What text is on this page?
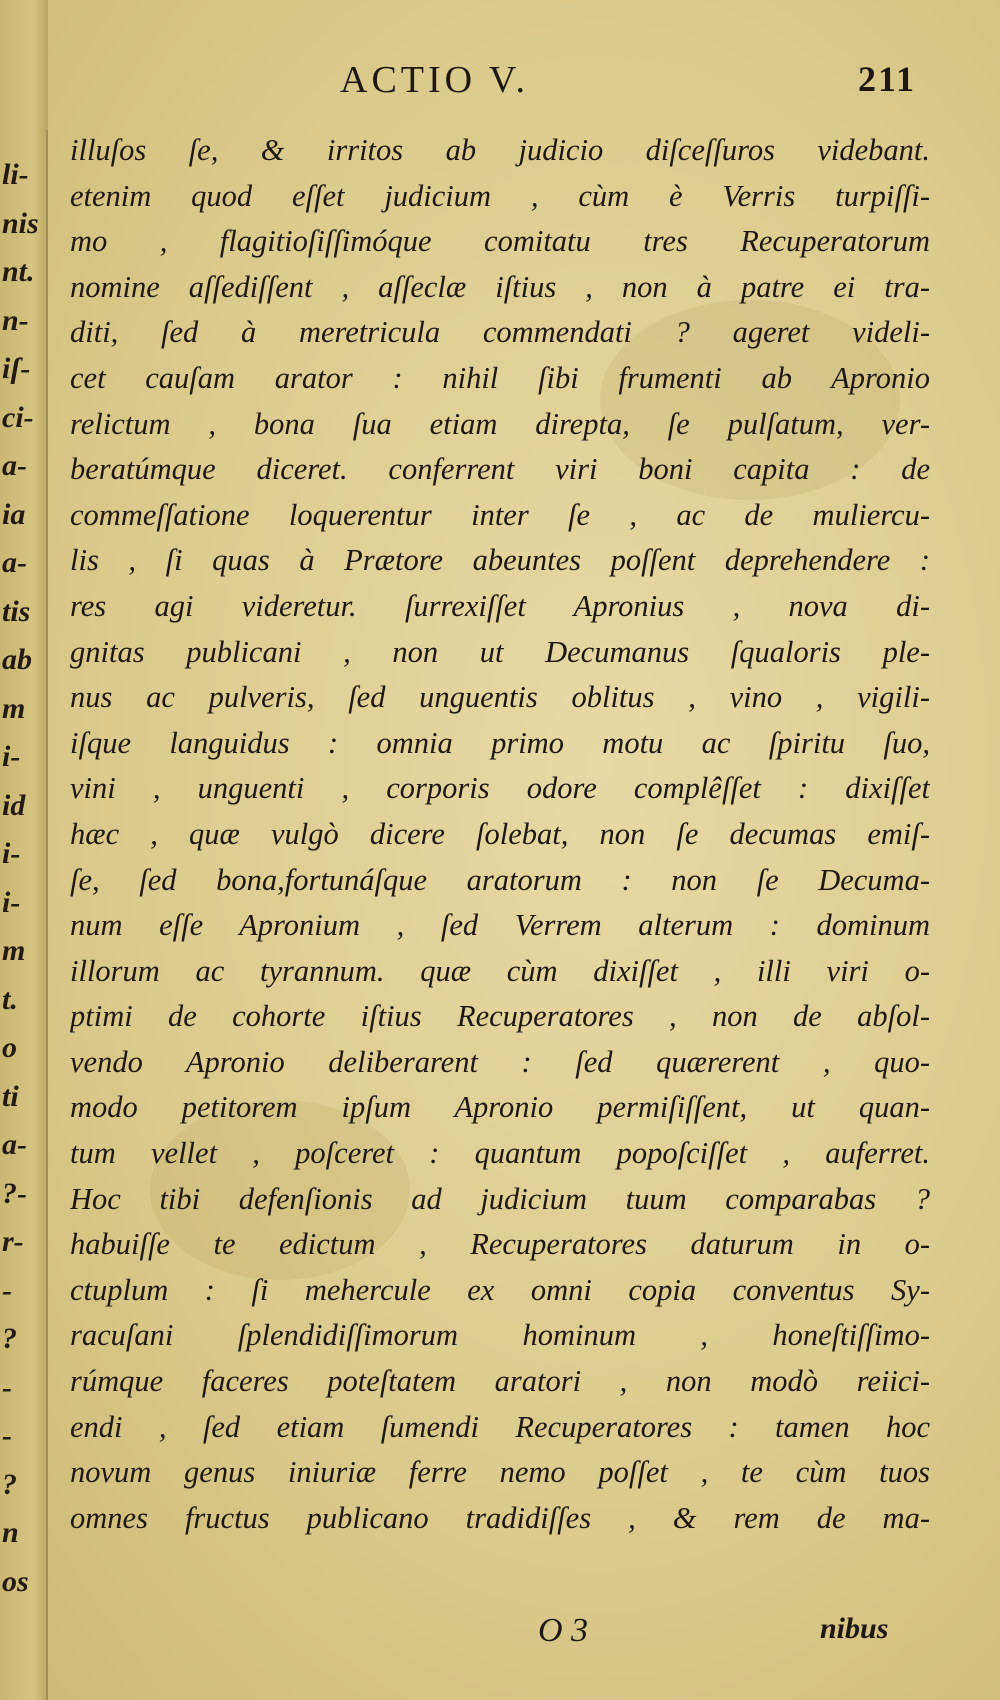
li-
nis
nt.
n-
iſ-
ci-
a-
ia
a-
tis
ab
m
i-
id
i-
i-
m
t.
o
ti
a-
?-
r-
-
?
-
-
?
n
os
ACTIO V.	211
illuſos ſe, & irritos ab judicio diſceſſuros videbant.
etenim quod eſſet judicium , cùm è Verris turpiſſi-
mo , flagitioſiſſimóque comitatu tres Recuperatorum
nomine aſſediſſent , aſſeclæ iſtius , non à patre ei tra-
diti, ſed à meretricula commendati ? ageret videli-
cet cauſam arator : nihil ſibi frumenti ab Apronio
relictum , bona ſua etiam direpta, ſe pulſatum, ver-
beratúmque diceret. conferrent viri boni capita : de
commeſſatione loquerentur inter ſe , ac de muliercu-
lis , ſi quas à Prætore abeuntes poſſent deprehendere :
res agi videretur. ſurrexiſſet Apronius , nova di-
gnitas publicani , non ut Decumanus ſqualoris ple-
nus ac pulveris, ſed unguentis oblitus , vino , vigili-
iſque languidus : omnia primo motu ac ſpiritu ſuo,
vini , unguenti , corporis odore complêſſet : dixiſſet
hæc , quæ vulgò dicere ſolebat, non ſe decumas emiſ-
ſe, ſed bona,fortunáſque aratorum : non ſe Decuma-
num eſſe Apronium , ſed Verrem alterum : dominum
illorum ac tyrannum. quæ cùm dixiſſet , illi viri o-
ptimi de cohorte iſtius Recuperatores , non de abſol-
vendo Apronio deliberarent : ſed quærerent , quo-
modo petitorem ipſum Apronio permiſiſſent, ut quan-
tum vellet , poſceret : quantum popoſciſſet , auferret.
Hoc tibi defenſionis ad judicium tuum comparabas ?
habuiſſe te edictum , Recuperatores daturum in o-
ctuplum : ſi mehercule ex omni copia conventus Sy-
racuſani ſplendidiſſimorum hominum , honeſtiſſimo-
rúmque faceres poteſtatem aratori , non modò reiici-
endi , ſed etiam ſumendi Recuperatores : tamen hoc
novum genus iniuriæ ferre nemo poſſet , te cùm tuos
omnes fructus publicano tradidiſſes , & rem de ma-
O 3	nibus
